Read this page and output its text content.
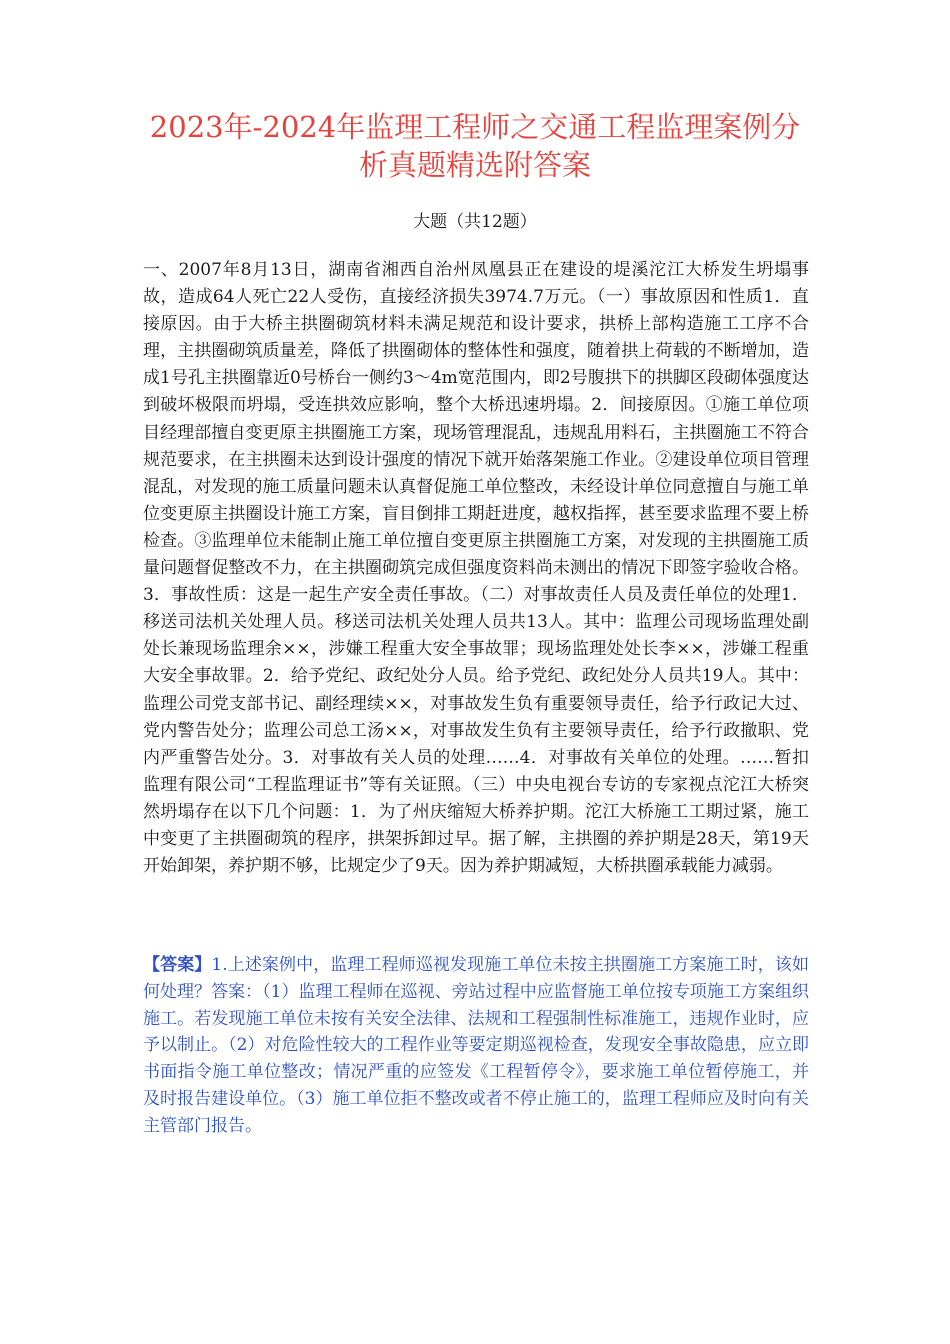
2023年-2024年监理工程师之交通工程监理案例分
析真题精选附答案
大题（共12题）

一、2007年8月13日，湖南省湘西自治州凤凰县正在建设的堤溪沱江大桥发生坍塌事故，造成64人死亡22人受伤，直接经济损失3974.7万元。（一）事故原因和性质1．直接原因。由于大桥主拱圈砌筑材料未满足规范和设计要求，拱桥上部构造施工工序不合理，主拱圈砌筑质量差，降低了拱圈砌体的整体性和强度，随着拱上荷载的不断增加，造成1号孔主拱圈靠近0号桥台一侧约3～4m宽范围内，即2号腹拱下的拱脚区段砌体强度达到破坏极限而坍塌，受连拱效应影响，整个大桥迅速坍塌。2．间接原因。①施工单位项目经理部擅自变更原主拱圈施工方案，现场管理混乱，违规乱用料石，主拱圈施工不符合规范要求，在主拱圈未达到设计强度的情况下就开始落架施工作业。②建设单位项目管理混乱，对发现的施工质量问题未认真督促施工单位整改，未经设计单位同意擅自与施工单位变更原主拱圈设计施工方案，盲目倒排工期赶进度，越权指挥，甚至要求监理不要上桥检查。③监理单位未能制止施工单位擅自变更原主拱圈施工方案，对发现的主拱圈施工质量问题督促整改不力，在主拱圈砌筑完成但强度资料尚未测出的情况下即签字验收合格。3．事故性质：这是一起生产安全责任事故。（二）对事故责任人员及责任单位的处理1．移送司法机关处理人员。移送司法机关处理人员共13人。其中：监理公司现场监理处副处长兼现场监理余××，涉嫌工程重大安全事故罪；现场监理处处长李××，涉嫌工程重大安全事故罪。2．给予党纪、政纪处分人员。给予党纪、政纪处分人员共19人。其中：监理公司党支部书记、副经理续××，对事故发生负有重要领导责任，给予行政记大过、党内警告处分；监理公司总工汤××，对事故发生负有主要领导责任，给予行政撤职、党内严重警告处分。3．对事故有关人员的处理……4．对事故有关单位的处理。……暂扣监理有限公司“工程监理证书”等有关证照。（三）中央电视台专访的专家视点沱江大桥突然坍塌存在以下几个问题：1．为了州庆缩短大桥养护期。沱江大桥施工工期过紧，施工中变更了主拱圈砌筑的程序，拱架拆卸过早。据了解，主拱圈的养护期是28天，第19天开始卸架，养护期不够，比规定少了9天。因为养护期减短，大桥拱圈承载能力减弱。

【答案】1.上述案例中，监理工程师巡视发现施工单位未按主拱圈施工方案施工时，该如何处理？答案：（1）监理工程师在巡视、旁站过程中应监督施工单位按专项施工方案组织施工。若发现施工单位未按有关安全法律、法规和工程强制性标准施工，违规作业时，应予以制止。（2）对危险性较大的工程作业等要定期巡视检查，发现安全事故隐患，应立即书面指令施工单位整改；情况严重的应签发《工程暂停令》，要求施工单位暂停施工，并及时报告建设单位。（3）施工单位拒不整改或者不停止施工的，监理工程师应及时向有关主管部门报告。
